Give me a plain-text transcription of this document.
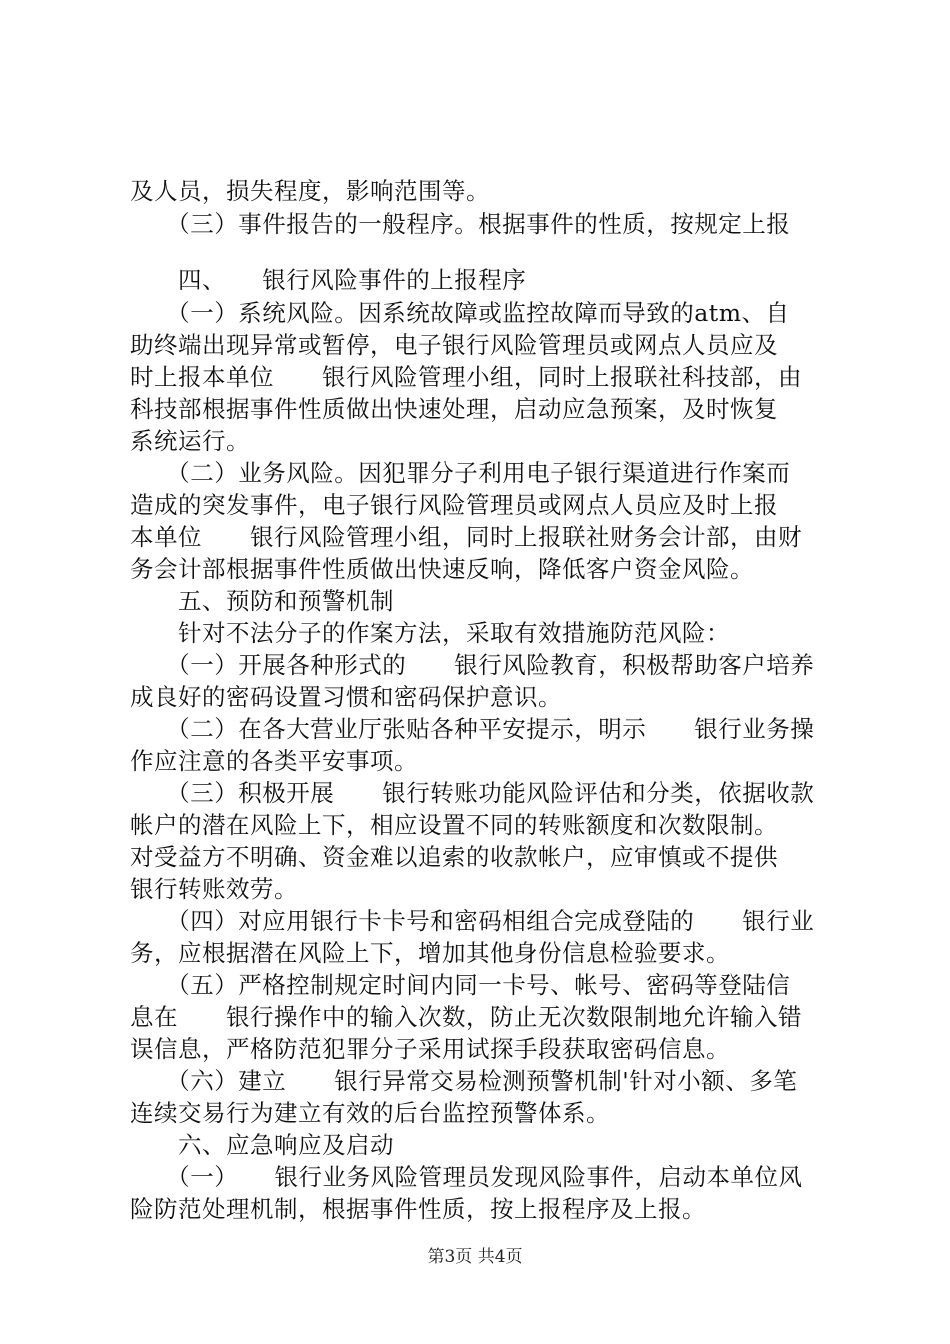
及人员，损失程度，影响范围等。
　　（三）事件报告的一般程序。根据事件的性质，按规定上报
　　四、　　银行风险事件的上报程序
　　（一）系统风险。因系统故障或监控故障而导致的atm、自
助终端出现异常或暂停，电子银行风险管理员或网点人员应及
时上报本单位　　银行风险管理小组，同时上报联社科技部，由
科技部根据事件性质做出快速处理，启动应急预案，及时恢复
系统运行。
　　（二）业务风险。因犯罪分子利用电子银行渠道进行作案而
造成的突发事件，电子银行风险管理员或网点人员应及时上报
本单位　　银行风险管理小组，同时上报联社财务会计部，由财
务会计部根据事件性质做出快速反响，降低客户资金风险。
　　五、预防和预警机制
　　针对不法分子的作案方法，采取有效措施防范风险：
　　（一）开展各种形式的　　银行风险教育，积极帮助客户培养
成良好的密码设置习惯和密码保护意识。
　　（二）在各大营业厅张贴各种平安提示，明示　　银行业务操
作应注意的各类平安事项。
　　（三）积极开展　　银行转账功能风险评估和分类，依据收款
帐户的潜在风险上下，相应设置不同的转账额度和次数限制。
对受益方不明确、资金难以追索的收款帐户，应审慎或不提供
银行转账效劳。
　　（四）对应用银行卡卡号和密码相组合完成登陆的　　银行业
务，应根据潜在风险上下，增加其他身份信息检验要求。
　　（五）严格控制规定时间内同一卡号、帐号、密码等登陆信
息在　　银行操作中的输入次数，防止无次数限制地允许输入错
误信息，严格防范犯罪分子采用试探手段获取密码信息。
　　（六）建立　　银行异常交易检测预警机制'针对小额、多笔
连续交易行为建立有效的后台监控预警体系。
　　六、应急响应及启动
　　（一）　　银行业务风险管理员发现风险事件，启动本单位风
险防范处理机制，根据事件性质，按上报程序及上报。
第3页 共4页
